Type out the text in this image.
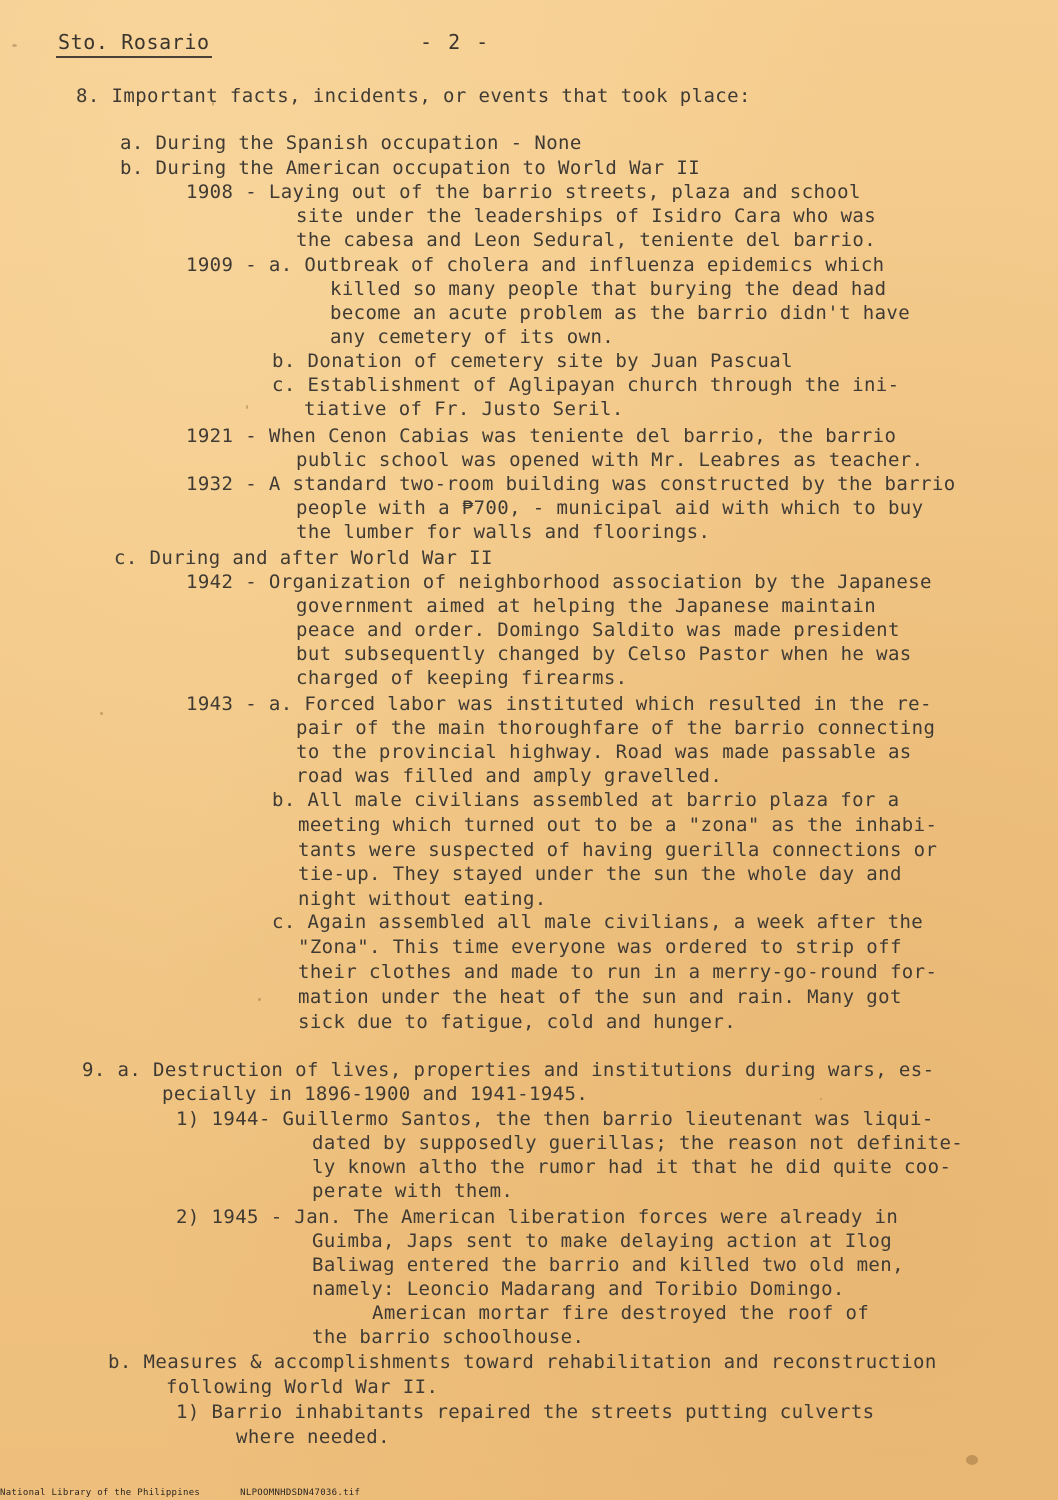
Sto. Rosario	- 2 -
8. Important facts, incidents, or events that took place:
a. During the Spanish occupation - None
b. During the American occupation to World War II
1908 - Laying out of the barrio streets, plaza and school
site under the leaderships of Isidro Cara who was
the cabesa and Leon Sedural, teniente del barrio.
1909 - a. Outbreak of cholera and influenza epidemics which
killed so many people that burying the dead had
become an acute problem as the barrio didn't have
any cemetery of its own.
b. Donation of cemetery site by Juan Pascual
c. Establishment of Aglipayan church through the ini-
tiative of Fr. Justo Seril.
1921 - When Cenon Cabias was teniente del barrio, the barrio
public school was opened with Mr. Leabres as teacher.
1932 - A standard two-room building was constructed by the barrio
people with a ₱700, - municipal aid with which to buy
the lumber for walls and floorings.
c. During and after World War II
1942 - Organization of neighborhood association by the Japanese
government aimed at helping the Japanese maintain
peace and order. Domingo Saldito was made president
but subsequently changed by Celso Pastor when he was
charged of keeping firearms.
1943 - a. Forced labor was instituted which resulted in the re-
pair of the main thoroughfare of the barrio connecting
to the provincial highway. Road was made passable as
road was filled and amply gravelled.
b. All male civilians assembled at barrio plaza for a
meeting which turned out to be a "zona" as the inhabi-
tants were suspected of having guerilla connections or
tie-up. They stayed under the sun the whole day and
night without eating.
c. Again assembled all male civilians, a week after the
"Zona". This time everyone was ordered to strip off
their clothes and made to run in a merry-go-round for-
mation under the heat of the sun and rain. Many got
sick due to fatigue, cold and hunger.
9. a. Destruction of lives, properties and institutions during wars, es-
pecially in 1896-1900 and 1941-1945.
1) 1944- Guillermo Santos, the then barrio lieutenant was liqui-
dated by supposedly guerillas; the reason not definite-
ly known altho the rumor had it that he did quite coo-
perate with them.
2) 1945 - Jan. The American liberation forces were already in
Guimba, Japs sent to make delaying action at Ilog
Baliwag entered the barrio and killed two old men,
namely: Leoncio Madarang and Toribio Domingo.
American mortar fire destroyed the roof of
the barrio schoolhouse.
b. Measures & accomplishments toward rehabilitation and reconstruction
following World War II.
1) Barrio inhabitants repaired the streets putting culverts
where needed.
National Library of the Philippines	NLPOOMNHDSDN47036.tif
